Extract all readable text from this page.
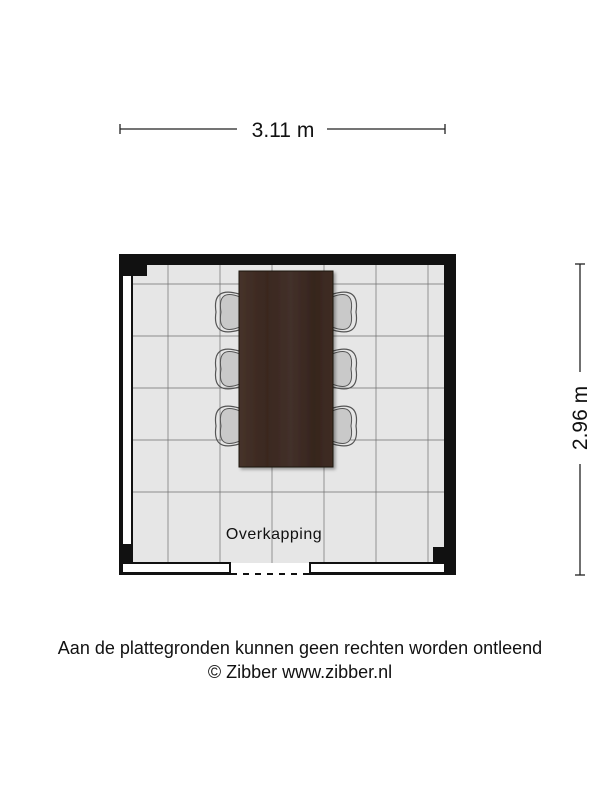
3.11 m
2.96 m
Overkapping
Aan de plattegronden kunnen geen rechten worden ontleend
© Zibber www.zibber.nl
